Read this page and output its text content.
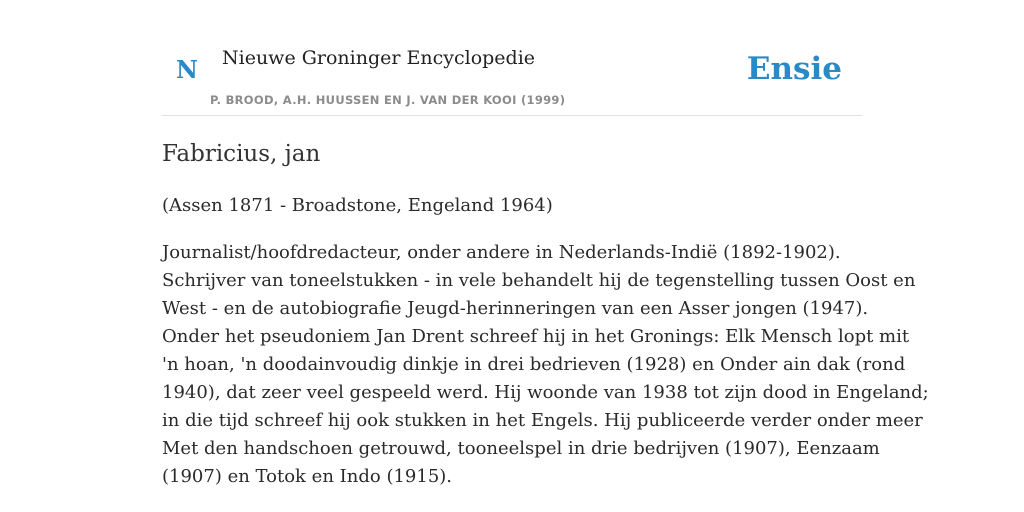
N Nieuwe Groninger Encyclopedie
P. BROOD, A.H. HUUSSEN EN J. VAN DER KOOI (1999)
Ensie
Fabricius, jan
(Assen 1871 - Broadstone, Engeland 1964)
Journalist/hoofdredacteur, onder andere in Nederlands-Indië (1892-1902).
Schrijver van toneelstukken - in vele behandelt hij de tegenstelling tussen Oost en
West - en de autobiografie Jeugd-herinneringen van een Asser jongen (1947).
Onder het pseudoniem Jan Drent schreef hij in het Gronings: Elk Mensch lopt mit
'n hoan, 'n doodainvoudig dinkje in drei bedrieven (1928) en Onder ain dak (rond
1940), dat zeer veel gespeeld werd. Hij woonde van 1938 tot zijn dood in Engeland;
in die tijd schreef hij ook stukken in het Engels. Hij publiceerde verder onder meer
Met den handschoen getrouwd, tooneelspel in drie bedrijven (1907), Eenzaam
(1907) en Totok en Indo (1915).
